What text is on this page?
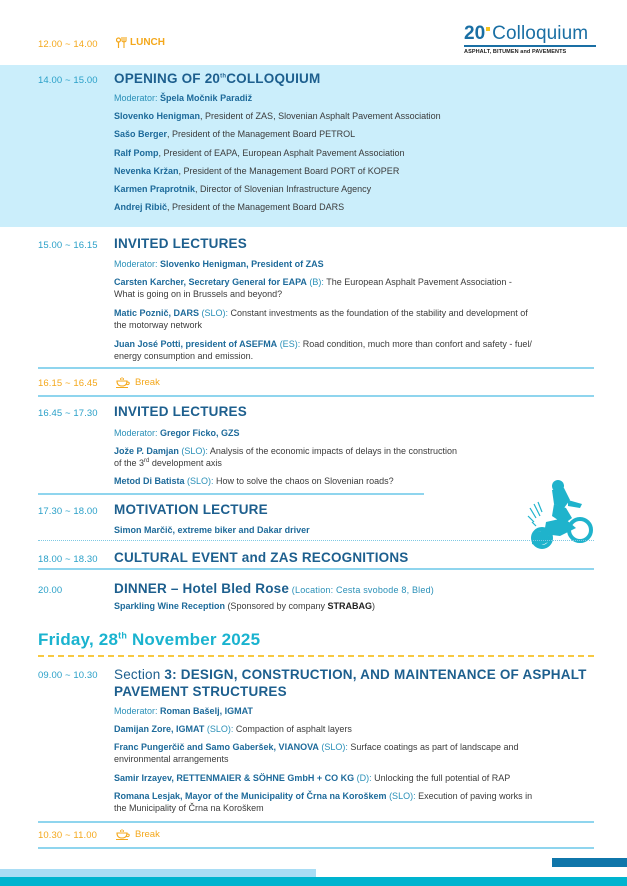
20 Colloquium
ASPHALT, BITUMEN and PAVEMENTS
12.00 ~ 14.00	LUNCH
14.00 ~ 15.00 OPENING OF 20thCOLLOQUIUM
Moderator: Špela Močnik Paradiž
Slovenko Henigman, President of ZAS, Slovenian Asphalt Pavement Association
Sašo Berger, President of the Management Board PETROL
Ralf Pomp, President of EAPA, European Asphalt Pavement Association
Nevenka Kržan, President of the Management Board PORT of KOPER
Karmen Praprotnik, Director of Slovenian Infrastructure Agency
Andrej Ribič, President of the Management Board DARS
15.00 ~ 16.15 INVITED LECTURES
Moderator: Slovenko Henigman, President of ZAS
Carsten Karcher, Secretary General for EAPA (B): The European Asphalt Pavement Association -
What is going on in Brussels and beyond?
Matic Poznič, DARS (SLO): Constant investments as the foundation of the stability and development of
the motorway network
Juan José Potti, president of ASEFMA (ES): Road condition, much more than confort and safety - fuel/
energy consumption and emission.
16.15 ~ 16.45	Break
16.45 ~ 17.30 INVITED LECTURES
Moderator: Gregor Ficko, GZS
Jože P. Damjan (SLO): Analysis of the economic impacts of delays in the construction
of the 3rd development axis
Metod Di Batista (SLO): How to solve the chaos on Slovenian roads?
17.30 ~ 18.00 MOTIVATION LECTURE
Simon Marčič, extreme biker and Dakar driver
18.00 ~ 18.30 CULTURAL EVENT and ZAS RECOGNITIONS
20.00	DINNER – Hotel Bled Rose (Location: Cesta svobode 8, Bled)
Sparkling Wine Reception (Sponsored by company STRABAG)
Friday, 28th November 2025
09.00 ~ 10.30 Section 3: DESIGN, CONSTRUCTION, AND MAINTENANCE OF ASPHALT
PAVEMENT STRUCTURES
Moderator: Roman Bašelj, IGMAT
Damijan Zore, IGMAT (SLO): Compaction of asphalt layers
Franc Pungerčič and Samo Gaberšek, VIANOVA (SLO): Surface coatings as part of landscape and
environmental arrangements
Samir Irzayev, RETTENMAIER & SÖHNE GmbH + CO KG (D): Unlocking the full potential of RAP
Romana Lesjak, Mayor of the Municipality of Črna na Koroškem (SLO): Execution of paving works in
the Municipality of Črna na Koroškem
10.30 ~ 11.00	Break
